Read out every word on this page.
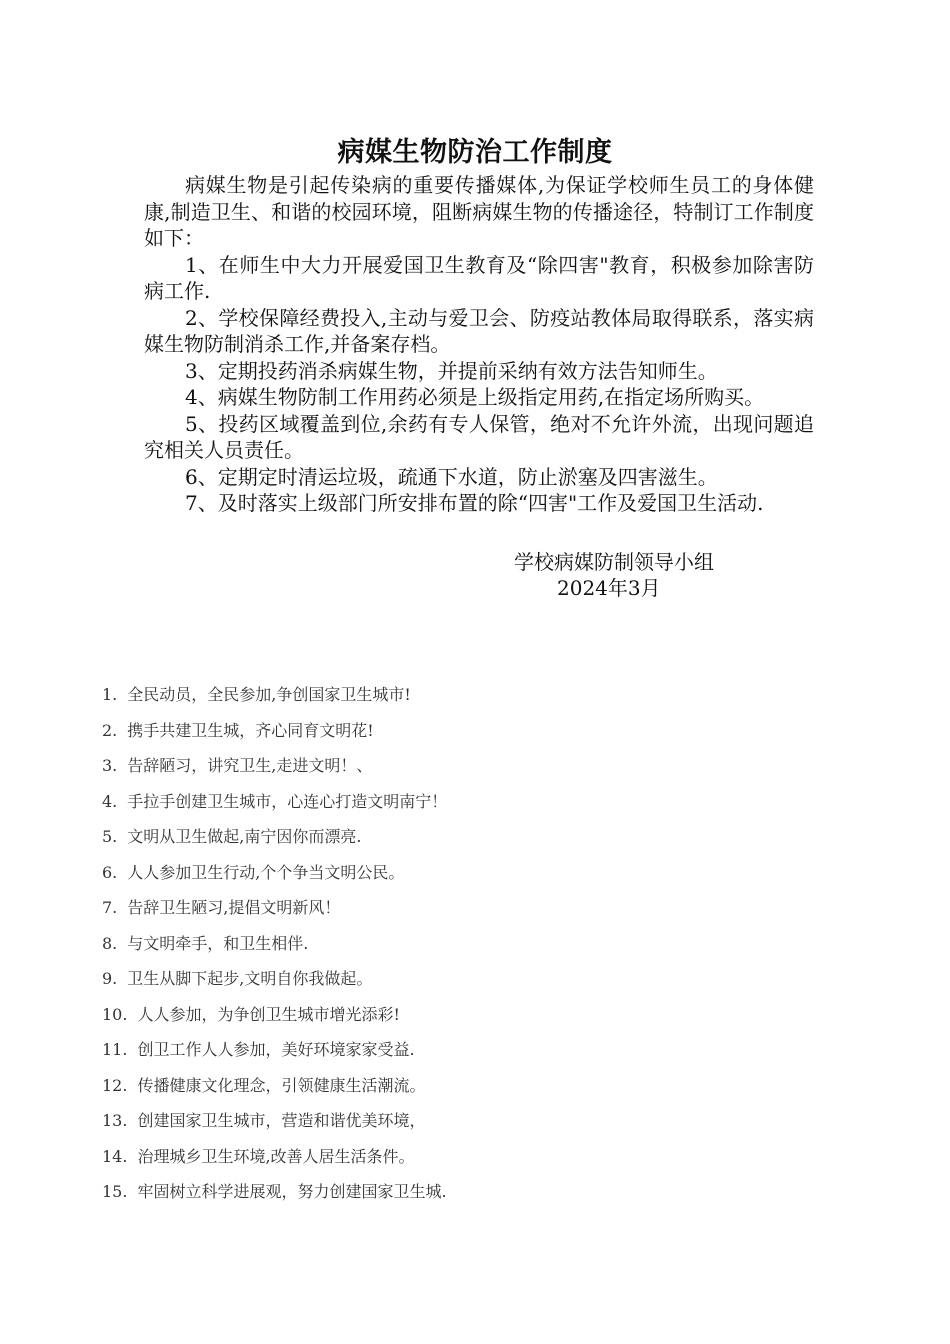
病媒生物防治工作制度

病媒生物是引起传染病的重要传播媒体,为保证学校师生员工的身体健康,制造卫生、和谐的校园环境，阻断病媒生物的传播途径，特制订工作制度如下：

1、在师生中大力开展爱国卫生教育及“除四害"教育，积极参加除害防病工作.

2、学校保障经费投入,主动与爱卫会、防疫站教体局取得联系，落实病媒生物防制消杀工作,并备案存档。

3、定期投药消杀病媒生物，并提前采纳有效方法告知师生。

4、病媒生物防制工作用药必须是上级指定用药,在指定场所购买。

5、投药区域覆盖到位,余药有专人保管，绝对不允许外流，出现问题追究相关人员责任。

6、定期定时清运垃圾，疏通下水道，防止淤塞及四害滋生。

7、及时落实上级部门所安排布置的除“四害"工作及爱国卫生活动.

学校病媒防制领导小组
2024年3月
1. 全民动员，全民参加,争创国家卫生城市!
2. 携手共建卫生城，齐心同育文明花!
3. 告辞陋习，讲究卫生,走进文明！、
4. 手拉手创建卫生城市，心连心打造文明南宁！
5. 文明从卫生做起,南宁因你而漂亮.
6. 人人参加卫生行动,个个争当文明公民。
7. 告辞卫生陋习,提倡文明新风！
8. 与文明牵手，和卫生相伴.
9. 卫生从脚下起步,文明自你我做起。
10. 人人参加，为争创卫生城市增光添彩!
11. 创卫工作人人参加，美好环境家家受益.
12. 传播健康文化理念，引领健康生活潮流。
13. 创建国家卫生城市，营造和谐优美环境，
14. 治理城乡卫生环境,改善人居生活条件。
15. 牢固树立科学进展观，努力创建国家卫生城.
